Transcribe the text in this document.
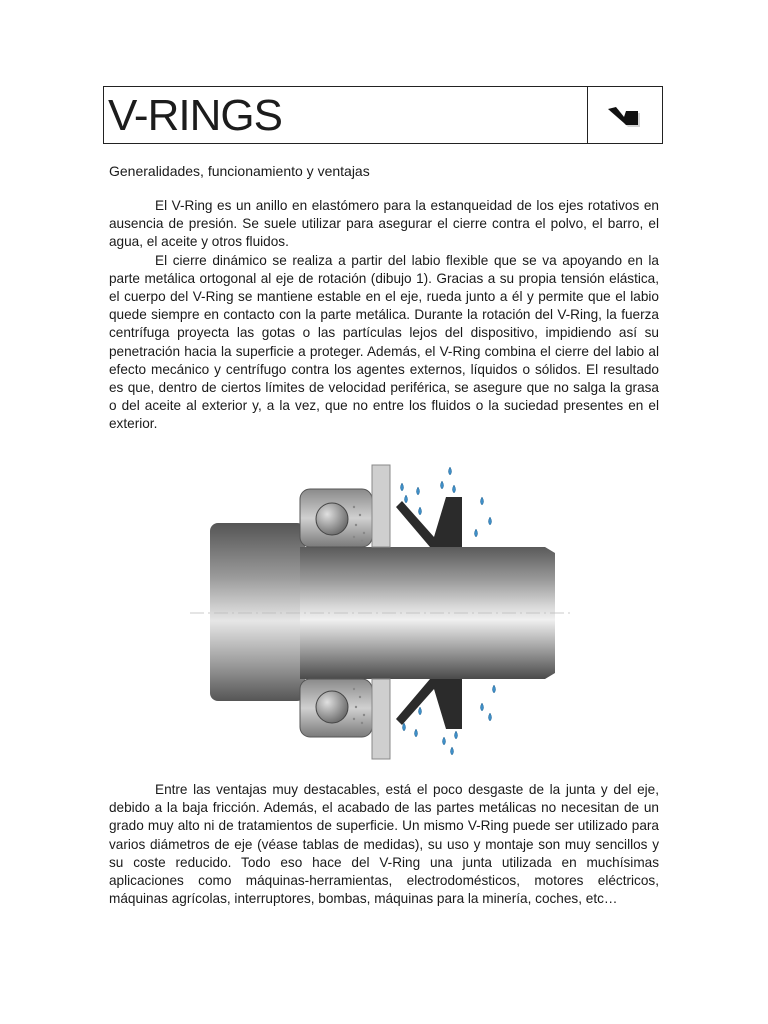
V-RINGS
Generalidades, funcionamiento y ventajas

El V-Ring es un anillo en elastómero para la estanqueidad de los ejes rotativos en ausencia de presión. Se suele utilizar para asegurar el cierre contra el polvo, el barro, el agua, el aceite y otros fluidos.

El cierre dinámico se realiza a partir del labio flexible que se va apoyando en la parte metálica ortogonal al eje de rotación (dibujo 1). Gracias a su propia tensión elástica, el cuerpo del V-Ring se mantiene estable en el eje, rueda junto a él y permite que el labio quede siempre en contacto con la parte metálica. Durante la rotación del V-Ring, la fuerza centrífuga proyecta las gotas o las partículas lejos del dispositivo, impidiendo así su penetración hacia la superficie a proteger. Además, el V-Ring combina el cierre del labio al efecto mecánico y centrífugo contra los agentes externos, líquidos o sólidos. El resultado es que, dentro de ciertos límites de velocidad periférica, se asegure que no salga la grasa o del aceite al exterior y, a la vez, que no entre los fluidos o la suciedad presentes en el exterior.

Entre las ventajas muy destacables, está el poco desgaste de la junta y del eje, debido a la baja fricción. Además, el acabado de las partes metálicas no necesitan de un grado muy alto ni de tratamientos de superficie. Un mismo V-Ring puede ser utilizado para varios diámetros de eje (véase tablas de medidas), su uso y montaje son muy sencillos y su coste reducido. Todo eso hace del V-Ring una junta utilizada en muchísimas aplicaciones como máquinas-herramientas, electrodomésticos, motores eléctricos, máquinas agrícolas, interruptores, bombas, máquinas para la minería, coches, etc…
